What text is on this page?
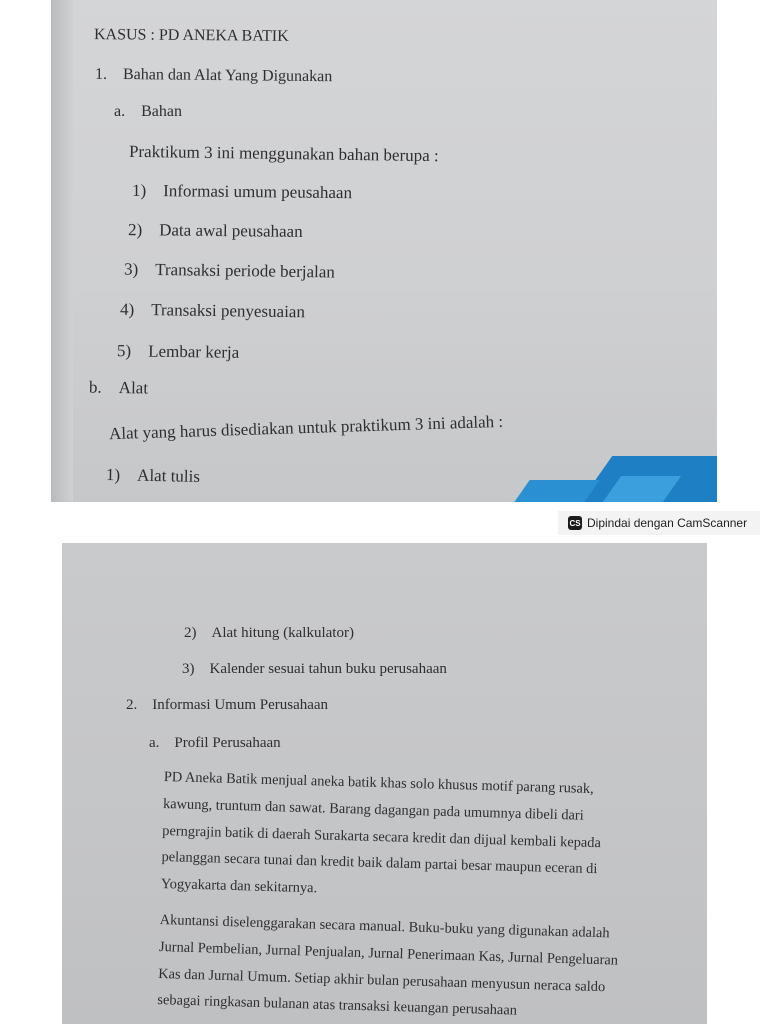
KASUS : PD ANEKA BATIK
1. Bahan dan Alat Yang Digunakan
a. Bahan
Praktikum 3 ini menggunakan bahan berupa :
1) Informasi umum peusahaan
2) Data awal peusahaan
3) Transaksi periode berjalan
4) Transaksi penyesuaian
5) Lembar kerja
b. Alat
Alat yang harus disediakan untuk praktikum 3 ini adalah :
1) Alat tulis
CS Dipindai dengan CamScanner
2) Alat hitung (kalkulator)
3) Kalender sesuai tahun buku perusahaan
2. Informasi Umum Perusahaan
a. Profil Perusahaan
PD Aneka Batik menjual aneka batik khas solo khusus motif parang rusak,
kawung, truntum dan sawat. Barang dagangan pada umumnya dibeli dari
perngrajin batik di daerah Surakarta secara kredit dan dijual kembali kepada
pelanggan secara tunai dan kredit baik dalam partai besar maupun eceran di
Yogyakarta dan sekitarnya.
Akuntansi diselenggarakan secara manual. Buku-buku yang digunakan adalah
Jurnal Pembelian, Jurnal Penjualan, Jurnal Penerimaan Kas, Jurnal Pengeluaran
Kas dan Jurnal Umum. Setiap akhir bulan perusahaan menyusun neraca saldo
sebagai ringkasan bulanan atas transaksi keuangan perusahaan
